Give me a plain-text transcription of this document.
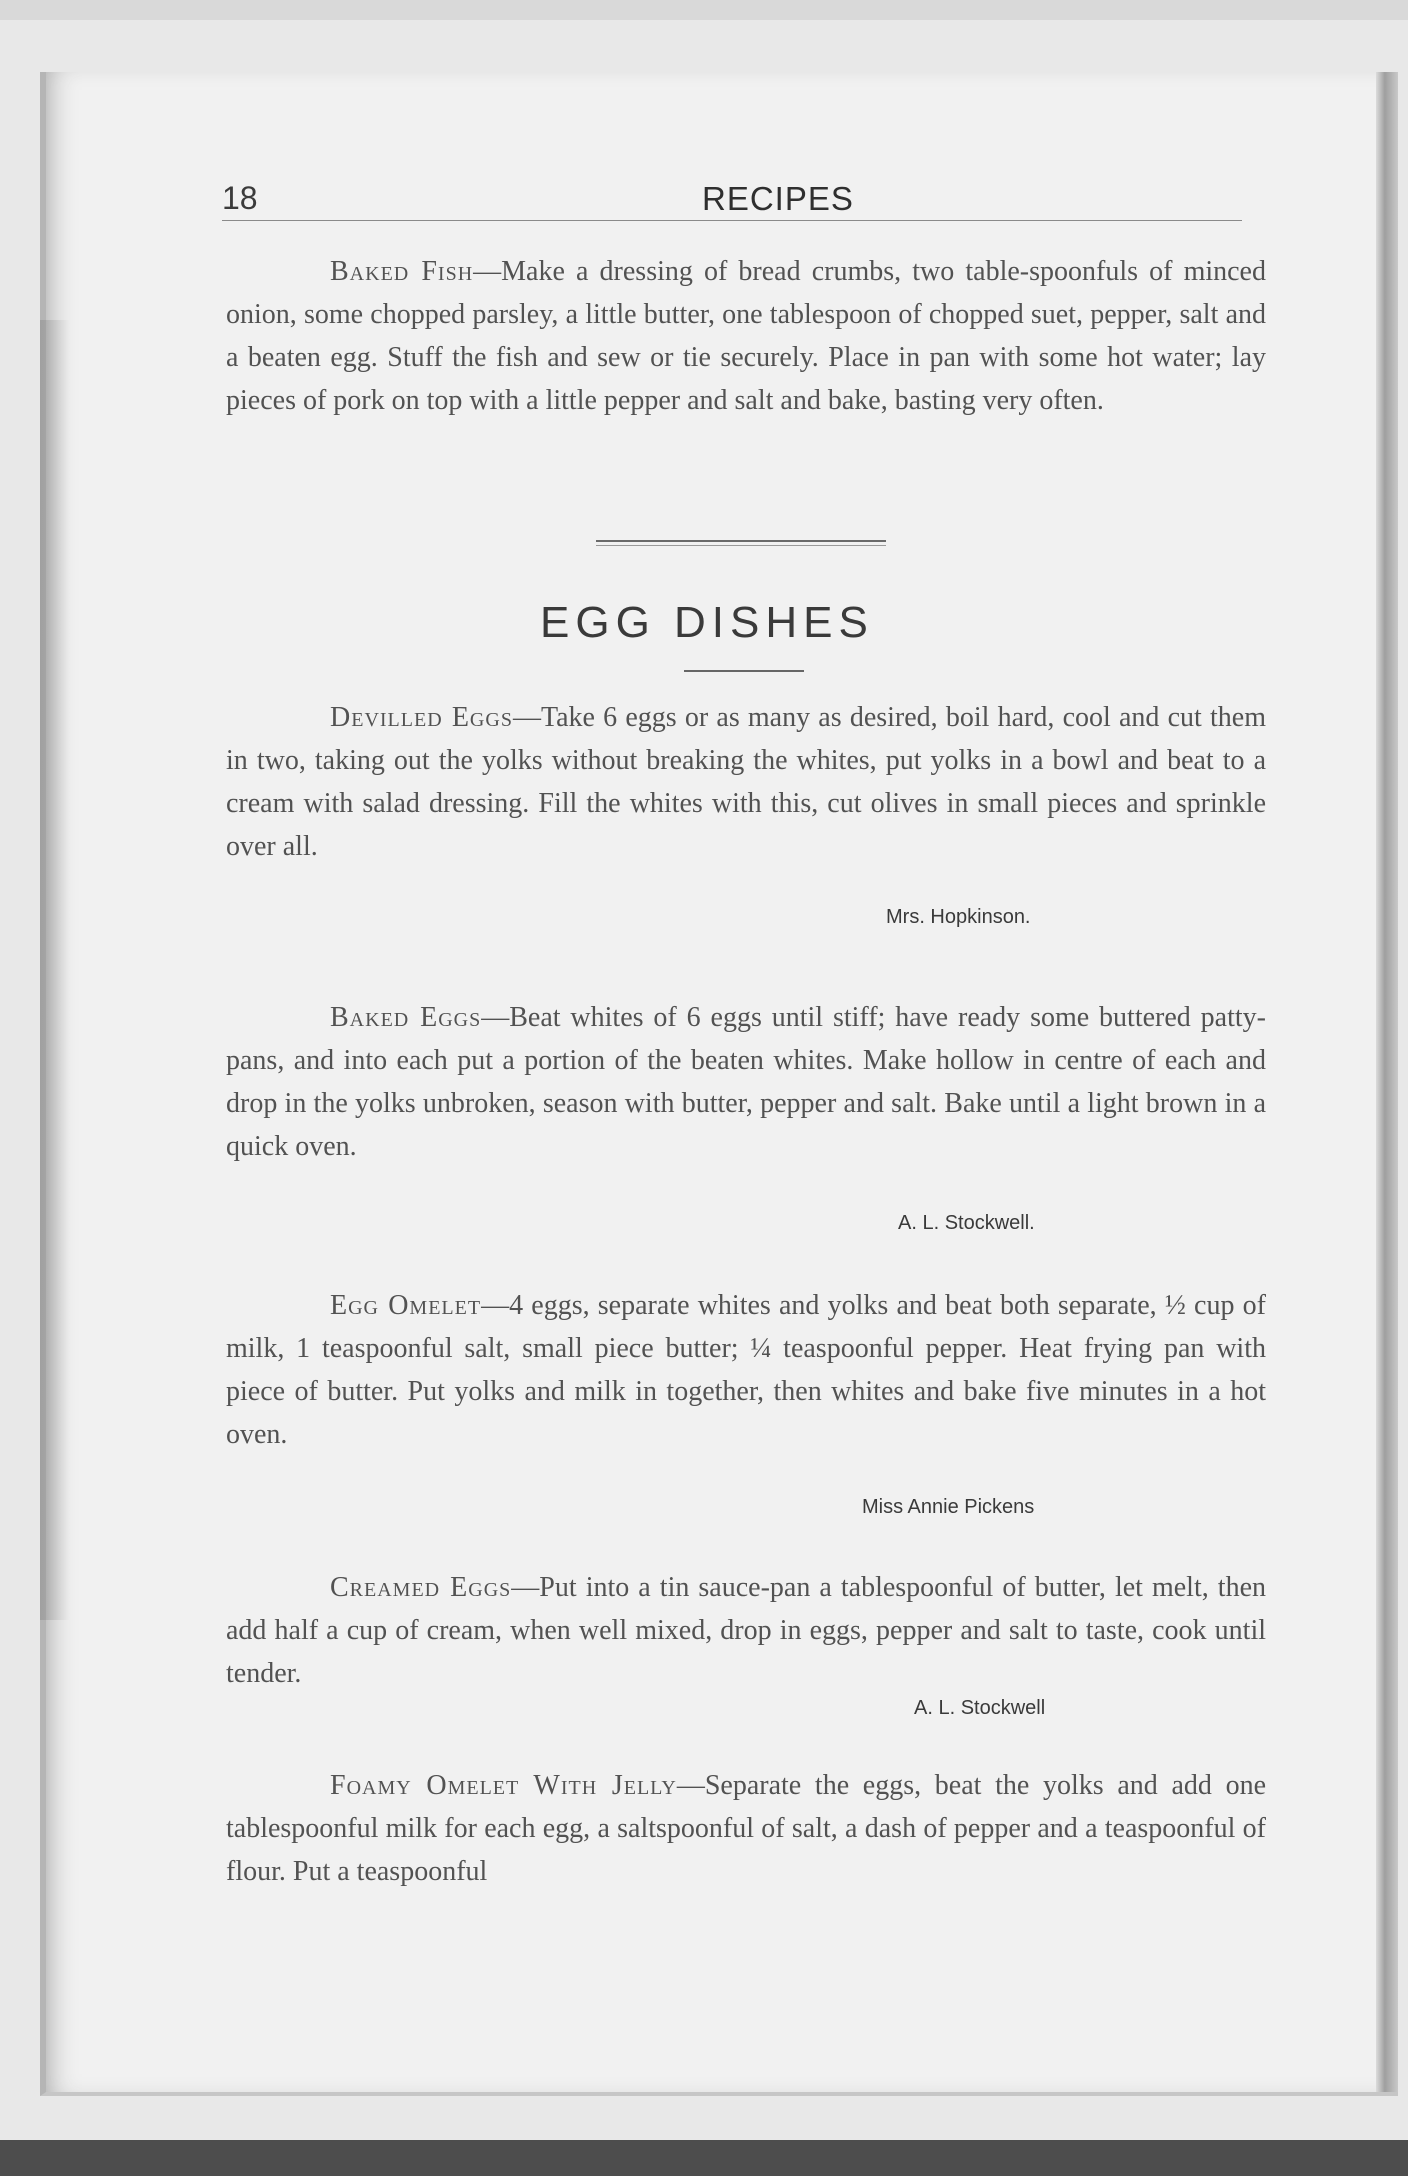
18	RECIPES
Baked Fish—Make a dressing of bread crumbs, two table-spoonfuls of minced onion, some chopped parsley, a little butter, one tablespoon of chopped suet, pepper, salt and a beaten egg. Stuff the fish and sew or tie securely. Place in pan with some hot water; lay pieces of pork on top with a little pepper and salt and bake, basting very often.
EGG DISHES
Devilled Eggs—Take 6 eggs or as many as desired, boil hard, cool and cut them in two, taking out the yolks without breaking the whites, put yolks in a bowl and beat to a cream with salad dressing. Fill the whites with this, cut olives in small pieces and sprinkle over all.
Mrs. Hopkinson.
Baked Eggs—Beat whites of 6 eggs until stiff; have ready some buttered patty-pans, and into each put a portion of the beaten whites. Make hollow in centre of each and drop in the yolks unbroken, season with butter, pepper and salt. Bake until a light brown in a quick oven.
A. L. Stockwell.
Egg Omelet—4 eggs, separate whites and yolks and beat both separate, ½ cup of milk, 1 teaspoonful salt, small piece butter; ¼ teaspoonful pepper. Heat frying pan with piece of butter. Put yolks and milk in together, then whites and bake five minutes in a hot oven.
Miss Annie Pickens
Creamed Eggs—Put into a tin sauce-pan a tablespoonful of butter, let melt, then add half a cup of cream, when well mixed, drop in eggs, pepper and salt to taste, cook until tender.
A. L. Stockwell
Foamy Omelet With Jelly—Separate the eggs, beat the yolks and add one tablespoonful milk for each egg, a saltspoonful of salt, a dash of pepper and a teaspoonful of flour. Put a teaspoonful
